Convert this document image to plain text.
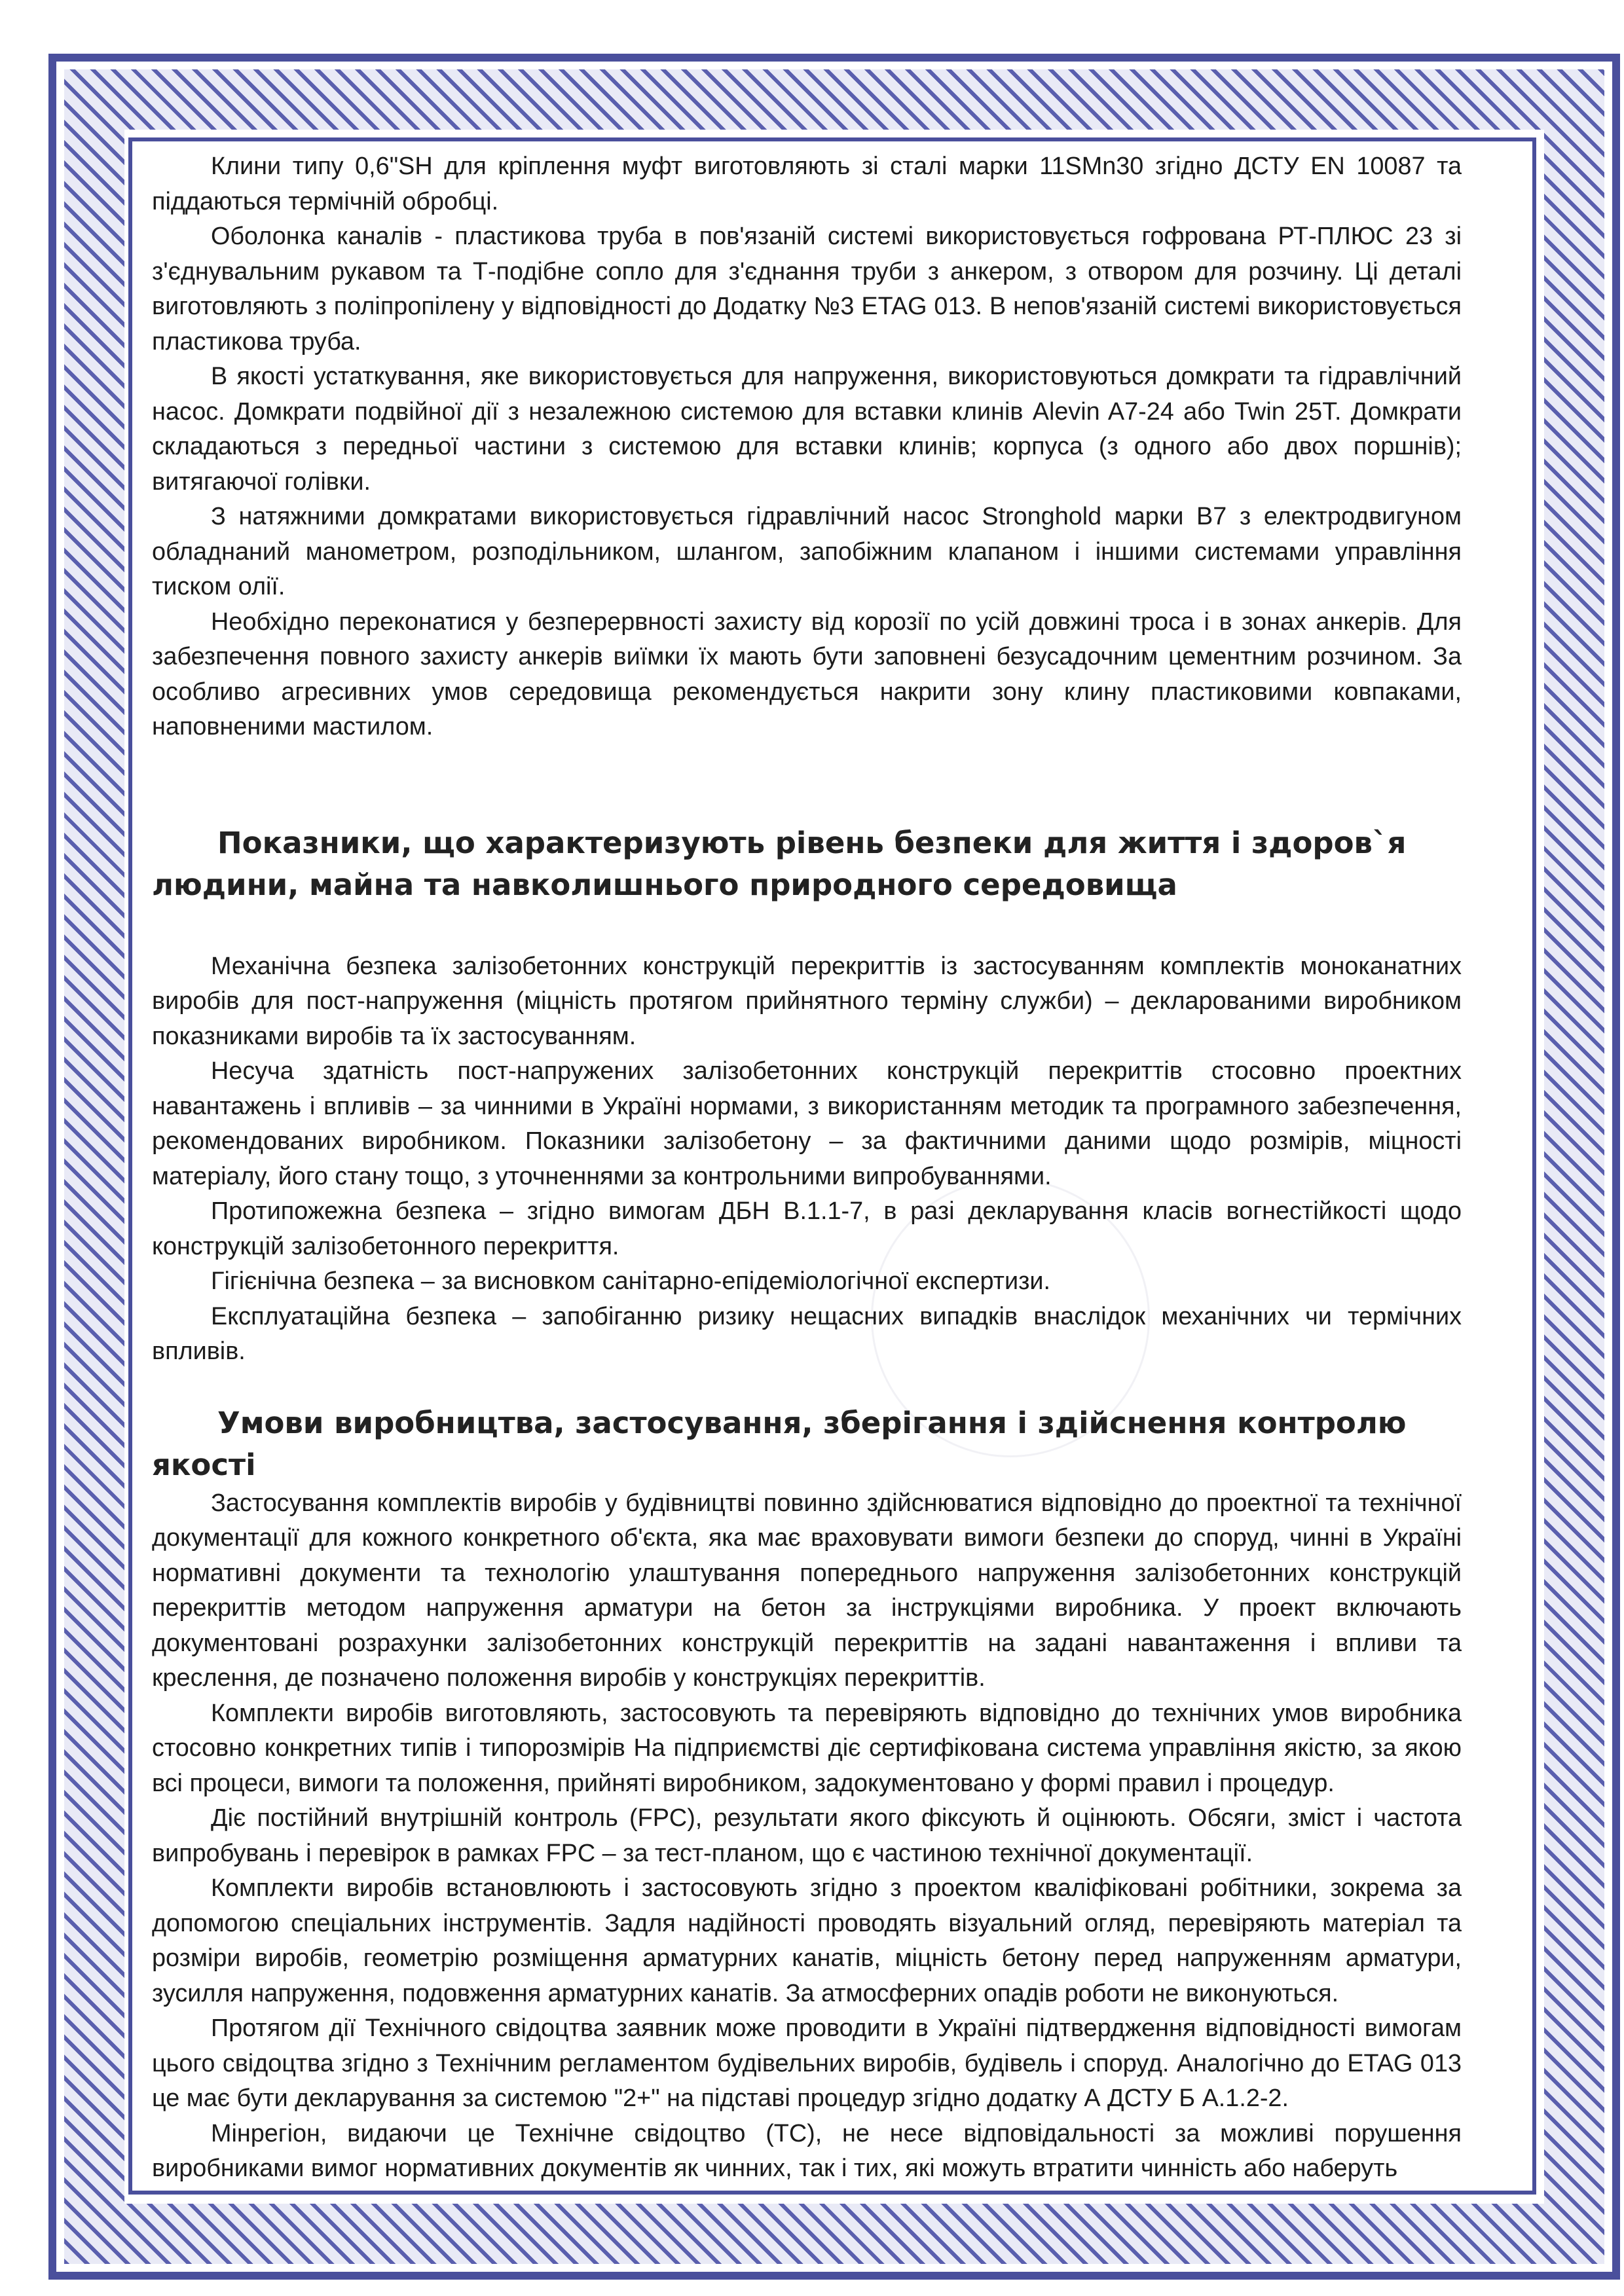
Клини типу 0,6"SH для кріплення муфт виготовляють зі сталі марки 11SMn30 згідно ДСТУ EN 10087 та піддаються термічній обробці.

Оболонка каналів - пластикова труба в пов'язаній системі використовується гофрована РТ-ПЛЮС 23 зі з'єднувальним рукавом та Т-подібне сопло для з'єднання труби з анкером, з отвором для розчину. Ці деталі виготовляють з поліпропілену у відповідності до Додатку №3 ETAG 013. В непов'язаній системі використовується пластикова труба.

В якості устаткування, яке використовується для напруження, використовуються домкрати та гідравлічний насос. Домкрати подвійної дії з незалежною системою для вставки клинів Alevin A7-24 або Twin 25T. Домкрати складаються з передньої частини з системою для вставки клинів; корпуса (з одного або двох поршнів); витягаючої голівки.

З натяжними домкратами використовується гідравлічний насос Stronghold марки B7 з електродвигуном обладнаний манометром, розподільником, шлангом, запобіжним клапаном і іншими системами управління тиском олії.

Необхідно переконатися у безперервності захисту від корозії по усій довжині троса і в зонах анкерів. Для забезпечення повного захисту анкерів виїмки їх мають бути заповнені безусадочним цементним розчином. За особливо агресивних умов середовища рекомендується накрити зону клину пластиковими ковпаками, наповненими мастилом.

Показники, що характеризують рівень безпеки для життя і здоров`я людини, майна та навколишнього природного середовища

Механічна безпека залізобетонних конструкцій перекриттів із застосуванням комплектів моноканатних виробів для пост-напруження (міцність протягом прийнятного терміну служби) – декларованими виробником показниками виробів та їх застосуванням.

Несуча здатність пост-напружених залізобетонних конструкцій перекриттів стосовно проектних навантажень і впливів – за чинними в Україні нормами, з використанням методик та програмного забезпечення, рекомендованих виробником. Показники залізобетону – за фактичними даними щодо розмірів, міцності матеріалу, його стану тощо, з уточненнями за контрольними випробуваннями.

Протипожежна безпека – згідно вимогам ДБН В.1.1-7, в разі декларування класів вогнестійкості щодо конструкцій залізобетонного перекриття.

Гігієнічна безпека – за висновком санітарно-епідеміологічної експертизи.

Експлуатаційна безпека – запобіганню ризику нещасних випадків внаслідок механічних чи термічних впливів.

Умови виробництва, застосування, зберігання і здійснення контролю якості

Застосування комплектів виробів у будівництві повинно здійснюватися відповідно до проектної та технічної документації для кожного конкретного об'єкта, яка має враховувати вимоги безпеки до споруд, чинні в Україні нормативні документи та технологію улаштування попереднього напруження залізобетонних конструкцій перекриттів методом напруження арматури на бетон за інструкціями виробника. У проект включають документовані розрахунки залізобетонних конструкцій перекриттів на задані навантаження і впливи та креслення, де позначено положення виробів у конструкціях перекриттів.

Комплекти виробів виготовляють, застосовують та перевіряють відповідно до технічних умов виробника стосовно конкретних типів і типорозмірів На підприємстві діє сертифікована система управління якістю, за якою всі процеси, вимоги та положення, прийняті виробником, задокументовано у формі правил і процедур.

Діє постійний внутрішній контроль (FPC), результати якого фіксують й оцінюють. Обсяги, зміст і частота випробувань і перевірок в рамках FPC – за тест-планом, що є частиною технічної документації.

Комплекти виробів встановлюють і застосовують згідно з проектом кваліфіковані робітники, зокрема за допомогою спеціальних інструментів. Задля надійності проводять візуальний огляд, перевіряють матеріал та розміри виробів, геометрію розміщення арматурних канатів, міцність бетону перед напруженням арматури, зусилля напруження, подовження арматурних канатів. За атмосферних опадів роботи не виконуються.

Протягом дії Технічного свідоцтва заявник може проводити в Україні підтвердження відповідності вимогам цього свідоцтва згідно з Технічним регламентом будівельних виробів, будівель і споруд. Аналогічно до ETAG 013 це має бути декларування за системою "2+" на підставі процедур згідно додатку А ДСТУ Б А.1.2-2.

Мінрегіон, видаючи це Технічне свідоцтво (ТС), не несе відповідальності за можливі порушення виробниками вимог нормативних документів як чинних, так і тих, які можуть втратити чинність або наберуть
